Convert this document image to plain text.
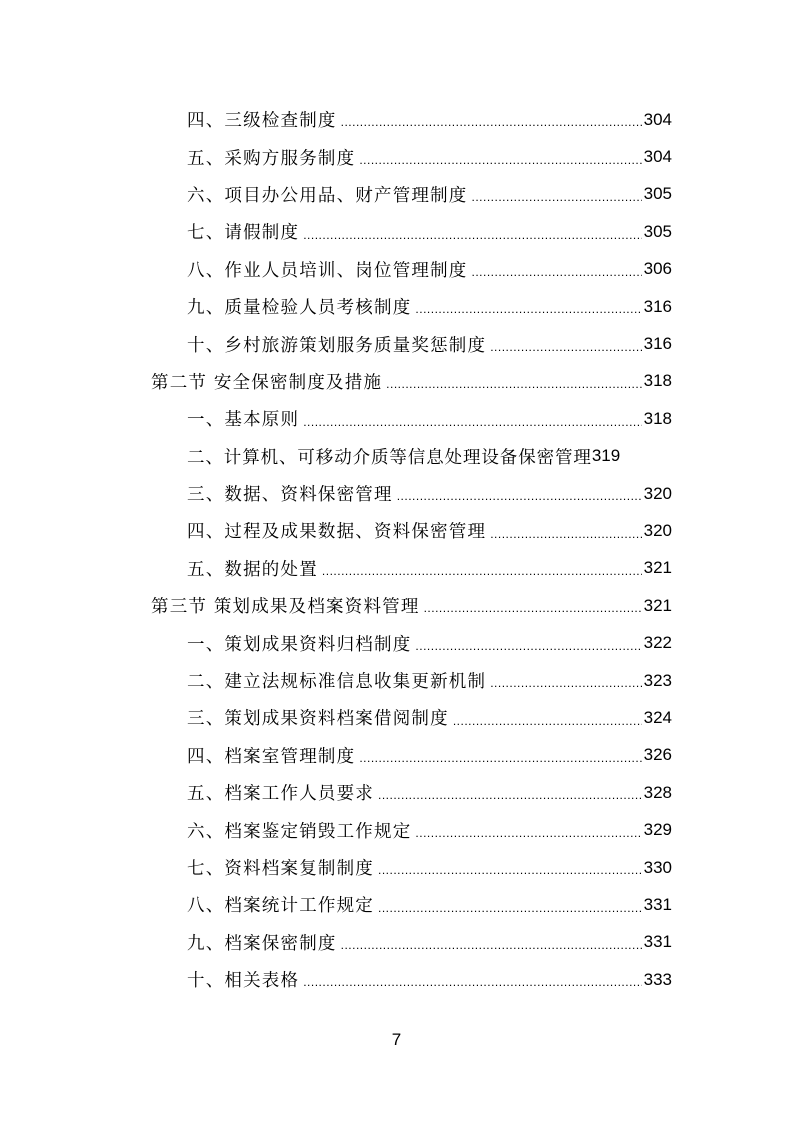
四、三级检查制度 .....	304
五、采购方服务制度 .....	304
六、项目办公用品、财产管理制度 .....	305
七、请假制度 .....	305
八、作业人员培训、岗位管理制度 .....	306
九、质量检验人员考核制度 .....	316
十、乡村旅游策划服务质量奖惩制度 .....	316
第二节 安全保密制度及措施 .....	318
一、基本原则 .....	318
二、计算机、可移动介质等信息处理设备保密管理 319
三、数据、资料保密管理 .....	320
四、过程及成果数据、资料保密管理 .....	320
五、数据的处置 .....	321
第三节 策划成果及档案资料管理 .....	321
一、策划成果资料归档制度 .....	322
二、建立法规标准信息收集更新机制 .....	323
三、策划成果资料档案借阅制度 .....	324
四、档案室管理制度 .....	326
五、档案工作人员要求 .....	328
六、档案鉴定销毁工作规定 .....	329
七、资料档案复制制度 .....	330
八、档案统计工作规定 .....	331
九、档案保密制度 .....	331
十、相关表格 .....	333
7
